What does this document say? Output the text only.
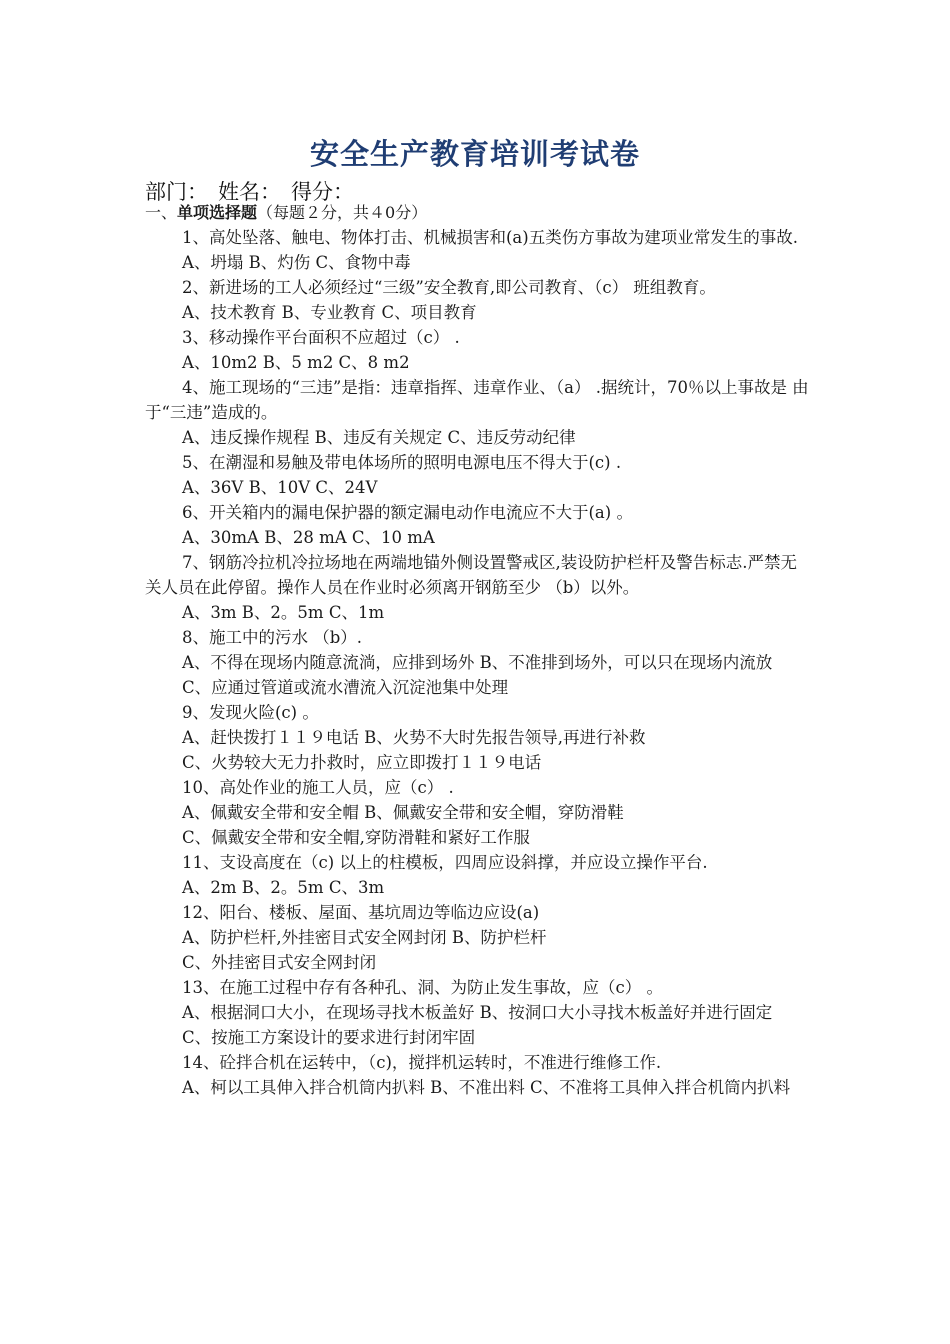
安全生产教育培训考试卷
部门： 姓名： 得分：
一、单项选择题（每题２分，共４0分）

1、高处坠落、触电、物体打击、机械损害和(a)五类伤方事故为建项业常发生的事故.

A、坍塌 B、灼伤 C、食物中毒

2、新进场的工人必须经过“三级”安全教育,即公司教育、（c） 班组教育。

A、技术教育 B、专业教育 C、项目教育

3、移动操作平台面积不应超过（c） .

A、10m2 B、5 m2 C、8 m2

4、施工现场的“三违”是指：违章指挥、违章作业、（a） .据统计，70％以上事故是 由于“三违”造成的。

A、违反操作规程 B、违反有关规定 C、违反劳动纪律

5、在潮湿和易触及带电体场所的照明电源电压不得大于(c) .

A、36V B、10V C、24V

6、开关箱内的漏电保护器的额定漏电动作电流应不大于(a) 。

A、30mA B、28 mA C、10 mA

7、钢筋冷拉机冷拉场地在两端地锚外侧设置警戒区,装设防护栏杆及警告标志.严禁无关人员在此停留。操作人员在作业时必须离开钢筋至少 （b）以外。

A、3m B、2。5m C、1m

8、施工中的污水 （b）.

A、不得在现场内随意流淌，应排到场外 B、不准排到场外，可以只在现场内流放

C、应通过管道或流水漕流入沉淀池集中处理

9、发现火险(c) 。

A、赶快拨打１１９电话 B、火势不大时先报告领导,再进行补救

C、火势较大无力扑救时，应立即拨打１１９电话

10、高处作业的施工人员，应（c） .

A、佩戴安全带和安全帽 B、佩戴安全带和安全帽，穿防滑鞋

C、佩戴安全带和安全帽,穿防滑鞋和紧好工作服

11、支设高度在（c) 以上的柱模板，四周应设斜撑，并应设立操作平台.

A、2m B、2。5m C、3m

12、阳台、楼板、屋面、基坑周边等临边应设(a)

A、防护栏杆,外挂密目式安全网封闭 B、防护栏杆

C、外挂密目式安全网封闭

13、在施工过程中存有各种孔、洞、为防止发生事故，应（c） 。

A、根据洞口大小，在现场寻找木板盖好 B、按洞口大小寻找木板盖好并进行固定

C、按施工方案设计的要求进行封闭牢固

14、砼拌合机在运转中，（c)，搅拌机运转时，不准进行维修工作.

A、柯以工具伸入拌合机筒内扒料 B、不准出料 C、不准将工具伸入拌合机筒内扒料
